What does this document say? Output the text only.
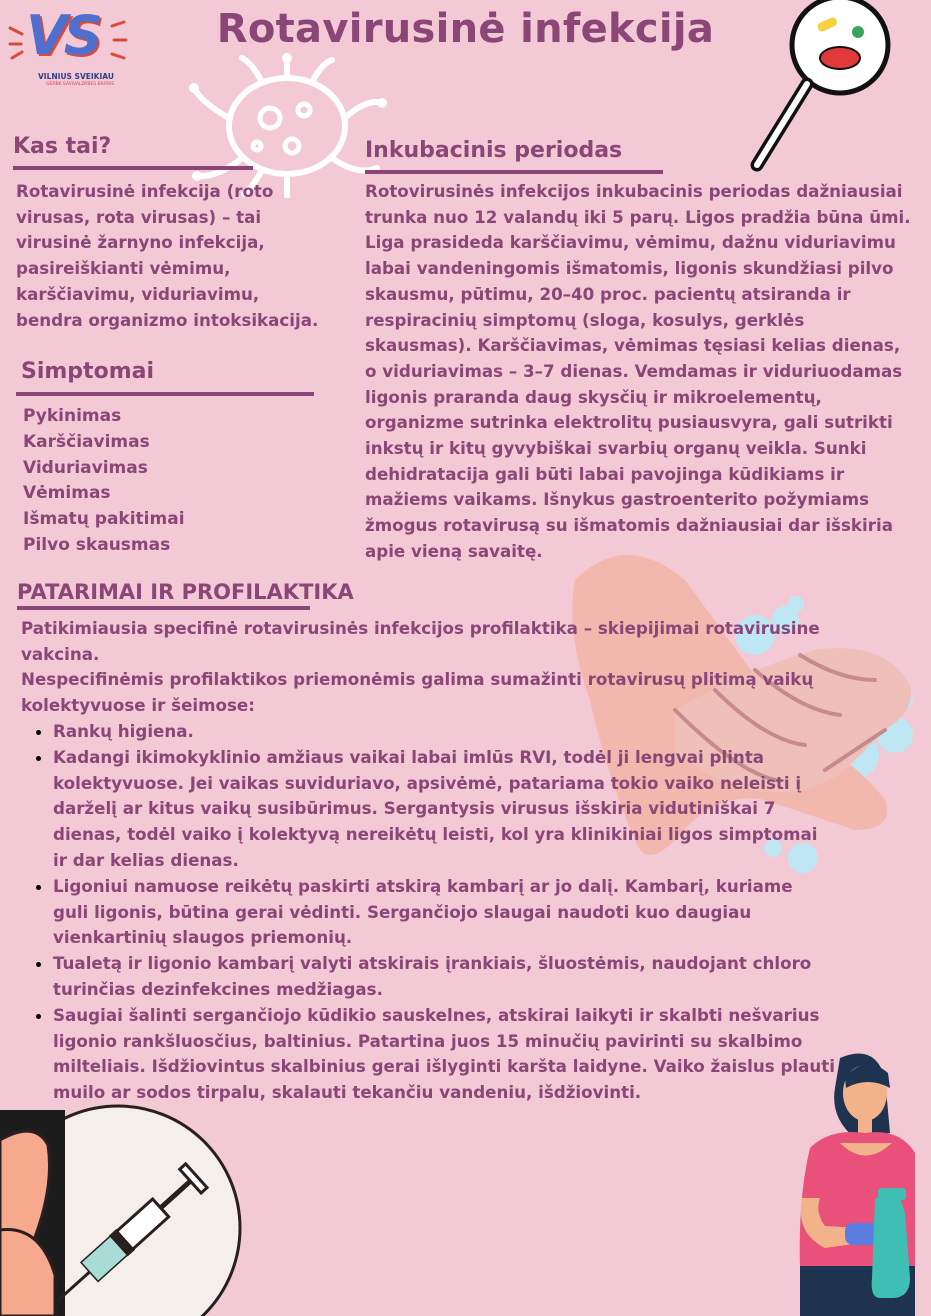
VS
VILNIUS SVEIKIAU
GERBK SAVIVALDYBES BIURAS
Rotavirusinė infekcija
Kas tai?

Rotavirusinė infekcija (roto

virusas, rota virusas) – tai

virusinė žarnyno infekcija,

pasireiškianti vėmimu,

karščiavimu, viduriavimu,

bendra organizmo intoksikacija.

Simptomai
Pykinimas
Karščiavimas
Viduriavimas
Vėmimas
Išmatų pakitimai
Pilvo skausmas
Inkubacinis periodas

Rotovirusinės infekcijos inkubacinis periodas dažniausiai

trunka nuo 12 valandų iki 5 parų. Ligos pradžia būna ūmi.

Liga prasideda karščiavimu, vėmimu, dažnu viduriavimu

labai vandeningomis išmatomis, ligonis skundžiasi pilvo

skausmu, pūtimu, 20–40 proc. pacientų atsiranda ir

respiracinių simptomų (sloga, kosulys, gerklės

skausmas). Karščiavimas, vėmimas tęsiasi kelias dienas,

o viduriavimas – 3–7 dienas. Vemdamas ir viduriuodamas

ligonis praranda daug skysčių ir mikroelementų,

organizme sutrinka elektrolitų pusiausvyra, gali sutrikti

inkstų ir kitų gyvybiškai svarbių organų veikla. Sunki

dehidratacija gali būti labai pavojinga kūdikiams ir

mažiems vaikams. Išnykus gastroenterito požymiams

žmogus rotavirusą su išmatomis dažniausiai dar išskiria

apie vieną savaitę.

PATARIMAI IR PROFILAKTIKA

Patikimiausia specifinė rotavirusinės infekcijos profilaktika – skiepijimai rotavirusine

vakcina.

Nespecifinėmis profilaktikos priemonėmis galima sumažinti rotavirusų plitimą vaikų

kolektyvuose ir šeimose:

• Rankų higiena.
• Kadangi ikimokyklinio amžiaus vaikai labai imlūs RVI, todėl ji lengvai plinta
kolektyvuose. Jei vaikas suviduriavo, apsivėmė, patariama tokio vaiko neleisti į
darželį ar kitus vaikų susibūrimus. Sergantysis virusus išskiria vidutiniškai 7
dienas, todėl vaiko į kolektyvą nereikėtų leisti, kol yra klinikiniai ligos simptomai
ir dar kelias dienas.
• Ligoniui namuose reikėtų paskirti atskirą kambarį ar jo dalį. Kambarį, kuriame
guli ligonis, būtina gerai vėdinti. Sergančiojo slaugai naudoti kuo daugiau
vienkartinių slaugos priemonių.
• Tualetą ir ligonio kambarį valyti atskirais įrankiais, šluostėmis, naudojant chloro
turinčias dezinfekcines medžiagas.
• Saugiai šalinti sergančiojo kūdikio sauskelnes, atskirai laikyti ir skalbti nešvarius
ligonio rankšluosčius, baltinius. Patartina juos 15 minučių pavirinti su skalbimo
milteliais. Išdžiovintus skalbinius gerai išlyginti karšta laidyne. Vaiko žaislus plauti
muilo ar sodos tirpalu, skalauti tekančiu vandeniu, išdžiovinti.
